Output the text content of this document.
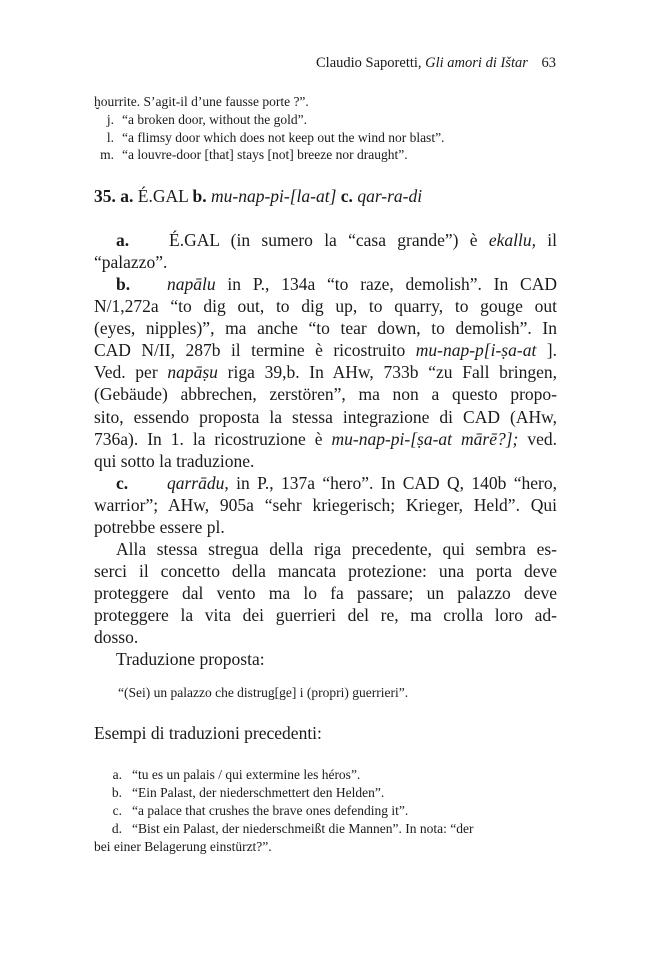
Claudio Saporetti, Gli amori di Ištar 63
ḫourrite. S’agit-il d’une fausse porte ?”.
j. “a broken door, without the gold”.
l. “a flimsy door which does not keep out the wind nor blast”.
m. “a louvre-door [that] stays [not] breeze nor draught”.
35. a. É.GAL b. mu-nap-pi-[la-at] c. qar-ra-di
a. É.GAL (in sumero la “casa grande”) è ekallu, il
“palazzo”.
b. napālu in P., 134a “to raze, demolish”. In CAD
N/1,272a “to dig out, to dig up, to quarry, to gouge out
(eyes, nipples)”, ma anche “to tear down, to demolish”. In
CAD N/II, 287b il termine è ricostruito mu-nap-p[i-ṣa-at ].
Ved. per napāṣu riga 39,b. In AHw, 733b “zu Fall bringen,
(Gebäude) abbrechen, zerstören”, ma non a questo propo-
sito, essendo proposta la stessa integrazione di CAD (AHw,
736a). In 1. la ricostruzione è mu-nap-pi-[ṣa-at mārē?]; ved.
qui sotto la traduzione.
c. qarrādu, in P., 137a “hero”. In CAD Q, 140b “hero,
warrior”; AHw, 905a “sehr kriegerisch; Krieger, Held”. Qui
potrebbe essere pl.
Alla stessa stregua della riga precedente, qui sembra es-
serci il concetto della mancata protezione: una porta deve
proteggere dal vento ma lo fa passare; un palazzo deve
proteggere la vita dei guerrieri del re, ma crolla loro ad-
dosso.
Traduzione proposta:
“(Sei) un palazzo che distrug[ge] i (propri) guerrieri”.
Esempi di traduzioni precedenti:
a. “tu es un palais / qui extermine les héros”.
b. “Ein Palast, der niederschmettert den Helden”.
c. “a palace that crushes the brave ones defending it”.
d. “Bist ein Palast, der niederschmeißt die Mannen”. In nota: “der
bei einer Belagerung einstürzt?”.
